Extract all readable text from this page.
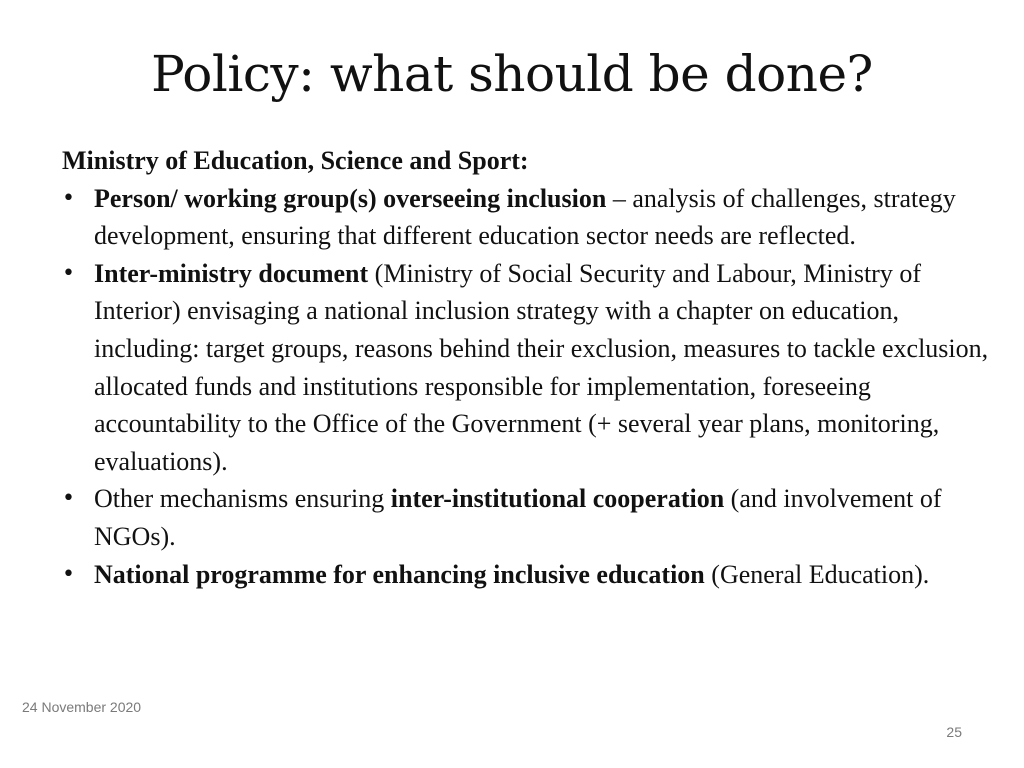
Policy: what should be done?

Ministry of Education, Science and Sport:

• Person/ working group(s) overseeing inclusion – analysis of challenges, strategy development, ensuring that different education sector needs are reflected.
• Inter-ministry document (Ministry of Social Security and Labour, Ministry of Interior) envisaging a national inclusion strategy with a chapter on education, including: target groups, reasons behind their exclusion, measures to tackle exclusion, allocated funds and institutions responsible for implementation, foreseeing accountability to the Office of the Government (+ several year plans, monitoring, evaluations).
• Other mechanisms ensuring inter-institutional cooperation (and involvement of NGOs).
• National programme for enhancing inclusive education (General Education).
24 November 2020
25
